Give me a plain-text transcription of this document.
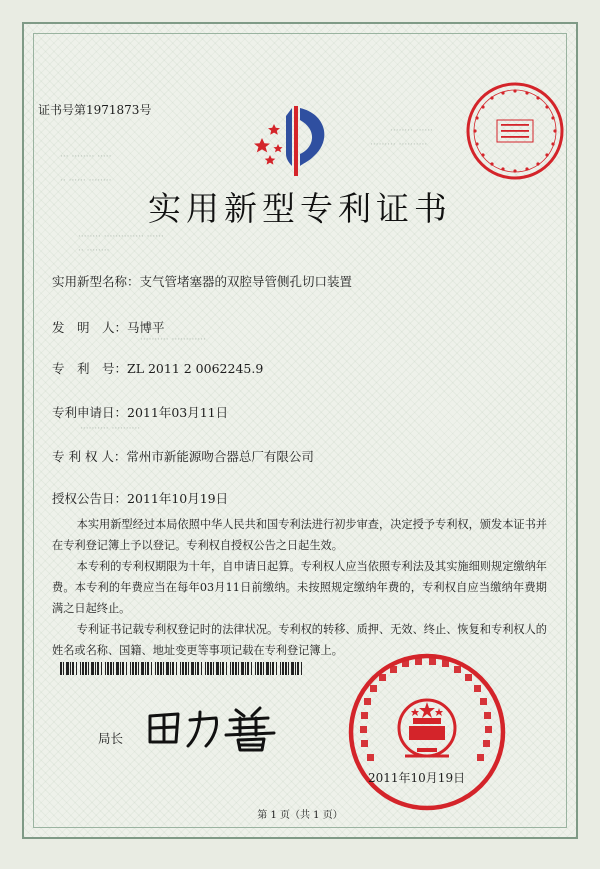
··· ········ ·····
·· ······ ········
········ ·············· ······
·· ········
·········· ············
·········· ··········
········ ······
········· ··········
证书号第1971873号
实用新型专利证书
实用新型名称：支气管堵塞器的双腔导管侧孔切口装置
发　明　人：马博平
专　利　号：ZL 2011 2 0062245.9
专利申请日：2011年03月11日
专 利 权 人：常州市新能源吻合器总厂有限公司
授权公告日：2011年10月19日

本实用新型经过本局依照中华人民共和国专利法进行初步审查，决定授予专利权，颁发本证书并在专利登记簿上予以登记。专利权自授权公告之日起生效。

本专利的专利权期限为十年，自申请日起算。专利权人应当依照专利法及其实施细则规定缴纳年费。本专利的年费应当在每年03月11日前缴纳。未按照规定缴纳年费的，专利权自应当缴纳年费期满之日起终止。

专利证书记载专利权登记时的法律状况。专利权的转移、质押、无效、终止、恢复和专利权人的姓名或名称、国籍、地址变更等事项记载在专利登记簿上。

局长
2011年10月19日
第 1 页（共 1 页）
